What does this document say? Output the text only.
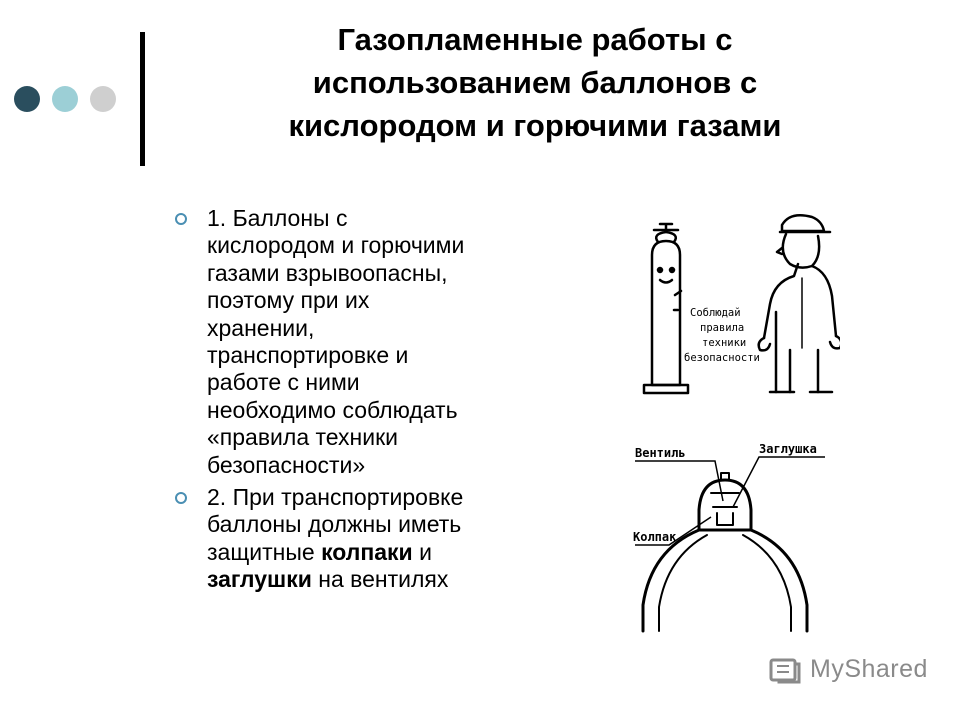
Газопламенные работы с
использованием баллонов с
кислородом и горючими газами

1. Баллоны с
кислородом и горючими
газами взрывоопасны,
поэтому при их
хранении,
транспортировке и
работе с ними
необходимо соблюдать
«правила техники
безопасности»

2. При транспортировке
баллоны должны иметь
защитные колпаки и
заглушки на вентилях

Соблюдай
правила
техники
безопасности
Вентиль	Заглушка
Колпак
MyShared
